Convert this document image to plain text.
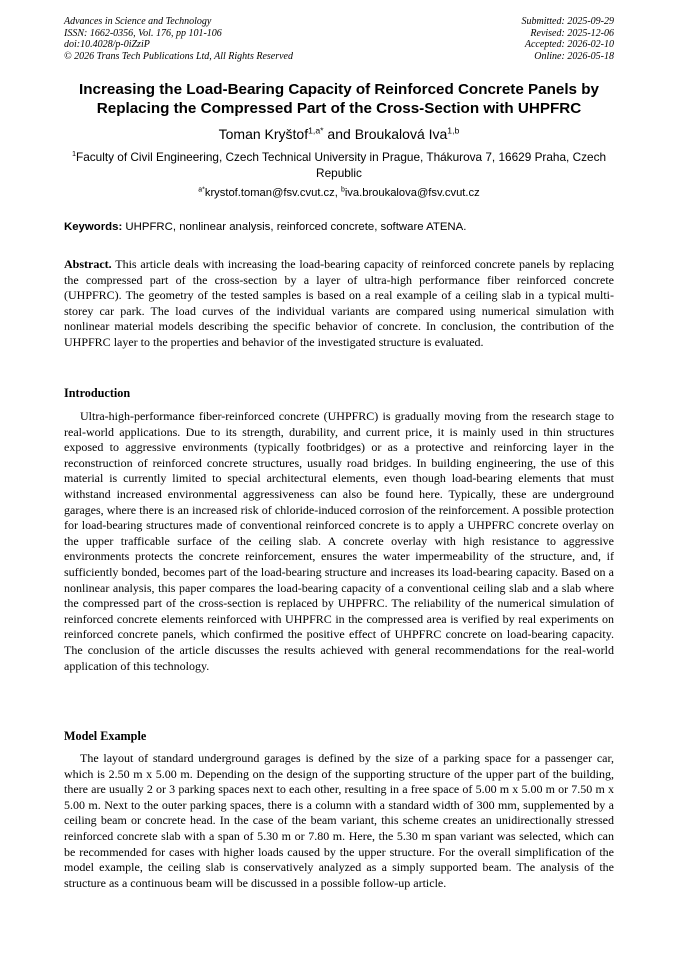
Advances in Science and Technology
ISSN: 1662-0356, Vol. 176, pp 101-106
doi:10.4028/p-0iZziP
© 2026 Trans Tech Publications Ltd, All Rights Reserved
Submitted: 2025-09-29
Revised: 2025-12-06
Accepted: 2026-02-10
Online: 2026-05-18
Increasing the Load-Bearing Capacity of Reinforced Concrete Panels by Replacing the Compressed Part of the Cross-Section with UHPFRC
Toman Kryštof$^{1,a*}$ and Broukalová Iva$^{1,b}$
$^1$Faculty of Civil Engineering, Czech Technical University in Prague, Thákurova 7, 16629 Praha, Czech Republic
$^{a*}$krystof.toman@fsv.cvut.cz, $^b$iva.broukalova@fsv.cvut.cz
Keywords: UHPFRC, nonlinear analysis, reinforced concrete, software ATENA.
Abstract. This article deals with increasing the load-bearing capacity of reinforced concrete panels by replacing the compressed part of the cross-section by a layer of ultra-high performance fiber reinforced concrete (UHPFRC). The geometry of the tested samples is based on a real example of a ceiling slab in a typical multi-storey car park. The load curves of the individual variants are compared using numerical simulation with nonlinear material models describing the specific behavior of concrete. In conclusion, the contribution of the UHPFRC layer to the properties and behavior of the investigated structure is evaluated.
Introduction
Ultra-high-performance fiber-reinforced concrete (UHPFRC) is gradually moving from the research stage to real-world applications. Due to its strength, durability, and current price, it is mainly used in thin structures exposed to aggressive environments (typically footbridges) or as a protective and reinforcing layer in the reconstruction of reinforced concrete structures, usually road bridges. In building engineering, the use of this material is currently limited to special architectural elements, even though load-bearing elements that must withstand increased environmental aggressiveness can also be found here. Typically, these are underground garages, where there is an increased risk of chloride-induced corrosion of the reinforcement. A possible protection for load-bearing structures made of conventional reinforced concrete is to apply a UHPFRC concrete overlay on the upper trafficable surface of the ceiling slab. A concrete overlay with high resistance to aggressive environments protects the concrete reinforcement, ensures the water impermeability of the structure, and, if sufficiently bonded, becomes part of the load-bearing structure and increases its load-bearing capacity. Based on a nonlinear analysis, this paper compares the load-bearing capacity of a conventional ceiling slab and a slab where the compressed part of the cross-section is replaced by UHPFRC. The reliability of the numerical simulation of reinforced concrete elements reinforced with UHPFRC in the compressed area is verified by real experiments on reinforced concrete panels, which confirmed the positive effect of UHPFRC concrete on load-bearing capacity. The conclusion of the article discusses the results achieved with general recommendations for the real-world application of this technology.
Model Example
The layout of standard underground garages is defined by the size of a parking space for a passenger car, which is 2.50 m x 5.00 m. Depending on the design of the supporting structure of the upper part of the building, there are usually 2 or 3 parking spaces next to each other, resulting in a free space of 5.00 m x 5.00 m or 7.50 m x 5.00 m. Next to the outer parking spaces, there is a column with a standard width of 300 mm, supplemented by a ceiling beam or concrete head. In the case of the beam variant, this scheme creates an unidirectionally stressed reinforced concrete slab with a span of 5.30 m or 7.80 m. Here, the 5.30 m span variant was selected, which can be recommended for cases with higher loads caused by the upper structure. For the overall simplification of the model example, the ceiling slab is conservatively analyzed as a simply supported beam. The analysis of the structure as a continuous beam will be discussed in a possible follow-up article.
